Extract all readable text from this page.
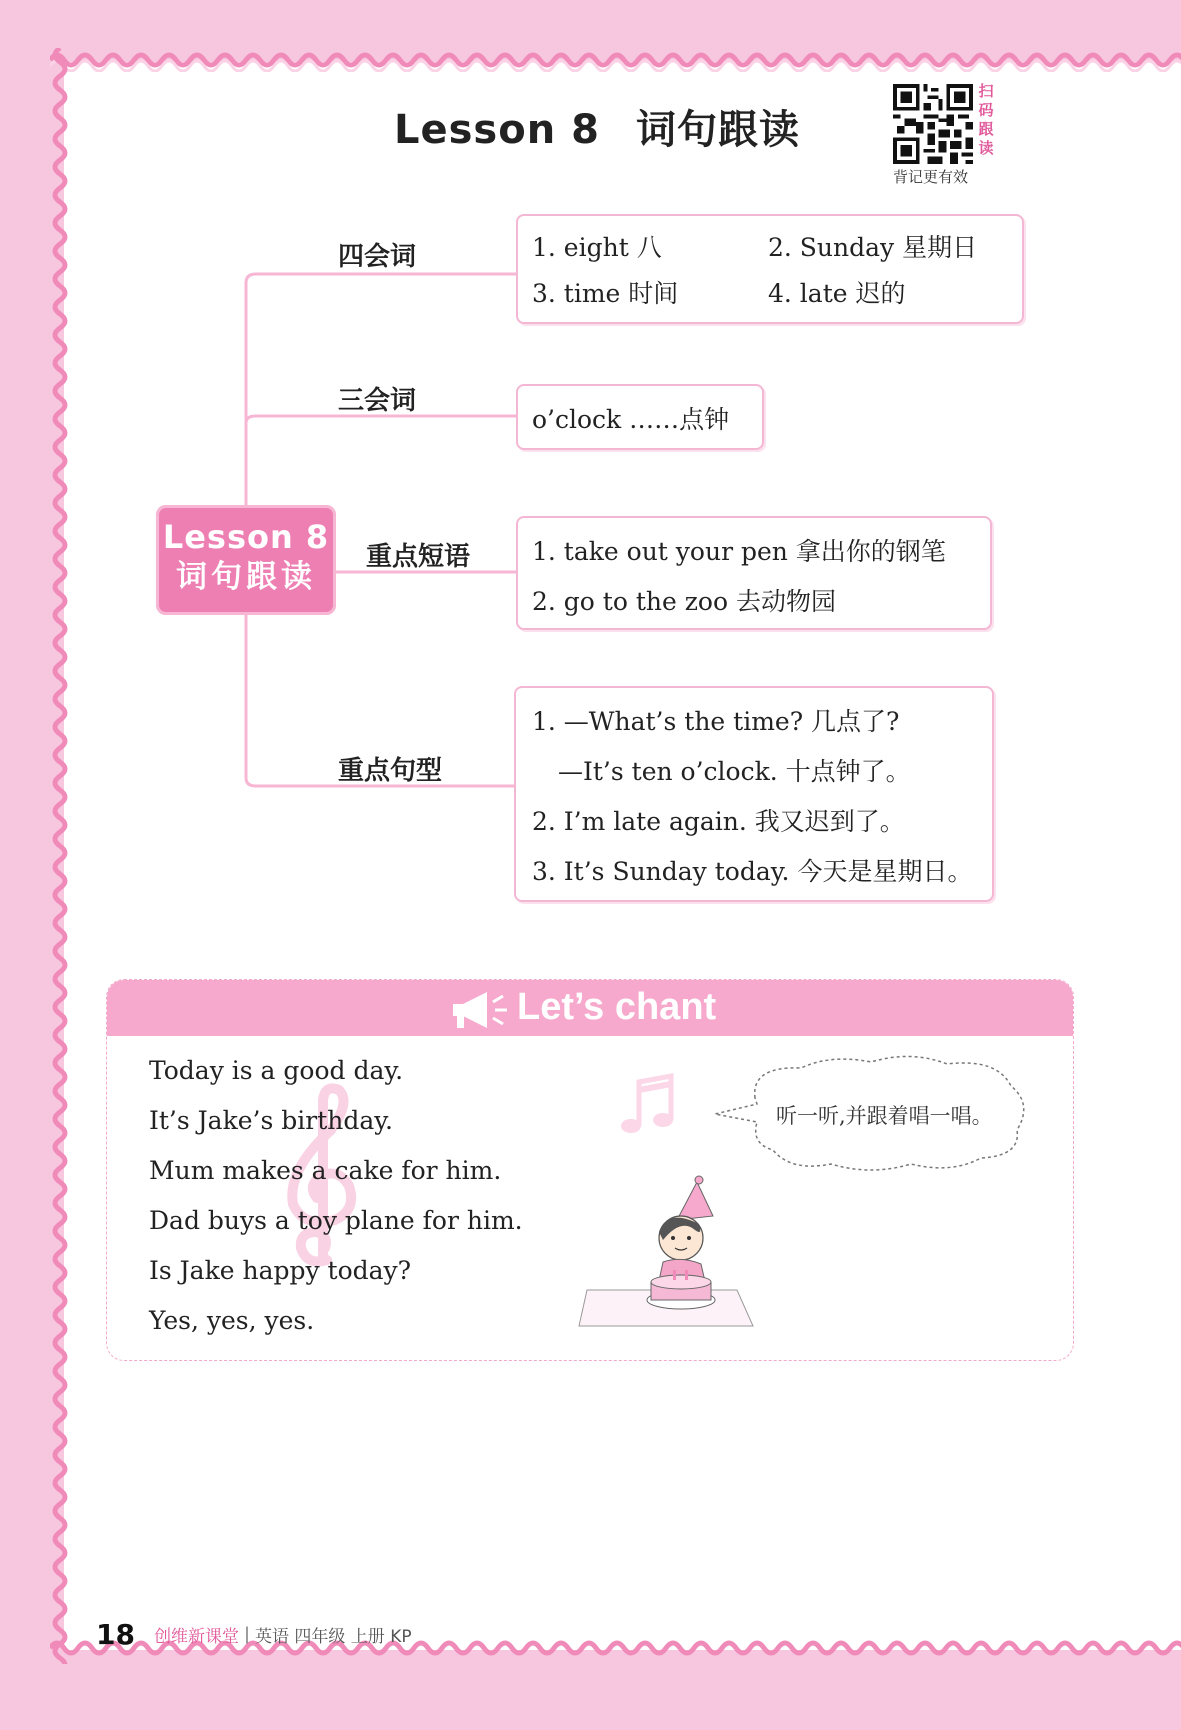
Lesson 8 词句跟读
扫
码
跟
读
背记更有效
Lesson 8
词句跟读
四会词	1. eight 八	2. Sunday 星期日
3. time 时间	4. late 迟的
三会词
o’clock ……点钟
重点短语 1. take out your pen 拿出你的钢笔
2. go to the zoo 去动物园
重点句型
1. —What’s the time? 几点了?
—It’s ten o’clock. 十点钟了。
2. I’m late again. 我又迟到了。
3. It’s Sunday today. 今天是星期日。
Let’s chant
Today is a good day.
It’s Jake’s birthday.
Mum makes a cake for him.
Dad buys a toy plane for him.
Is Jake happy today?
Yes, yes, yes.
听一听,并跟着唱一唱。
18 创维新课堂 | 英语 四年级 上册 KP
